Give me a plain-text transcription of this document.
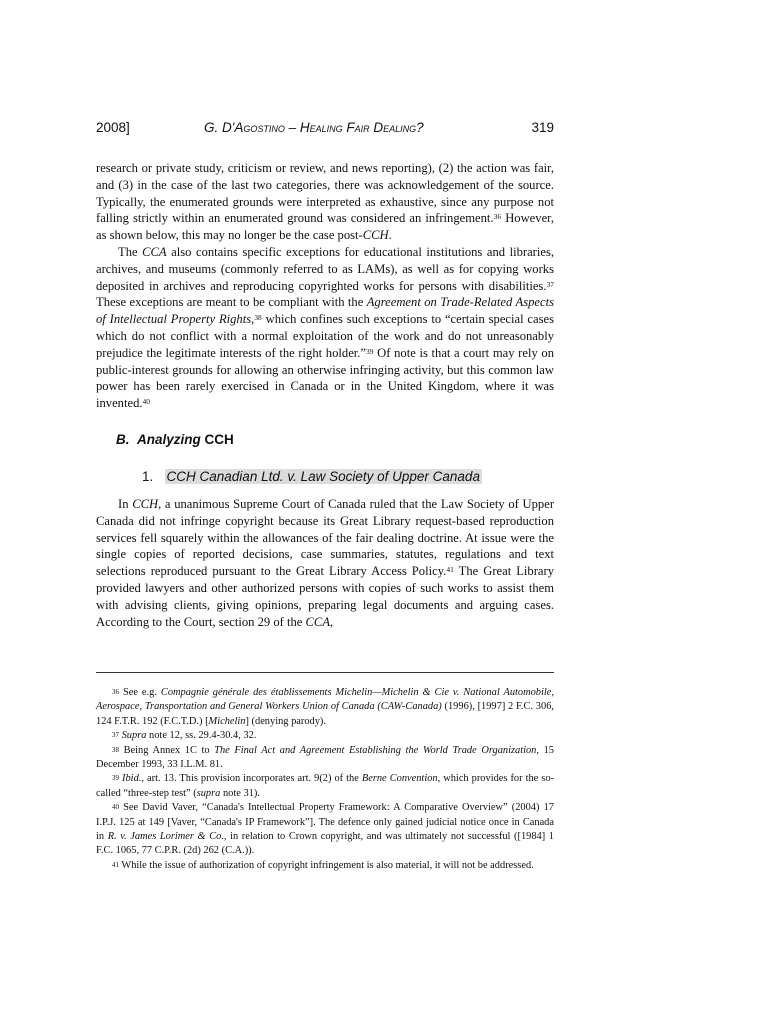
2008]	G. D'Agostino – Healing Fair Dealing?	319

research or private study, criticism or review, and news reporting), (2) the action was fair, and (3) in the case of the last two categories, there was acknowledgement of the source. Typically, the enumerated grounds were interpreted as exhaustive, since any purpose not falling strictly within an enumerated ground was considered an infringement.$^{36}$ However, as shown below, this may no longer be the case post-CCH.

The CCA also contains specific exceptions for educational institutions and libraries, archives, and museums (commonly referred to as LAMs), as well as for copying works deposited in archives and reproducing copyrighted works for persons with disabilities.$^{37}$ These exceptions are meant to be compliant with the Agreement on Trade-Related Aspects of Intellectual Property Rights,$^{38}$ which confines such exceptions to “certain special cases which do not conflict with a normal exploitation of the work and do not unreasonably prejudice the legitimate interests of the right holder.”$^{39}$ Of note is that a court may rely on public-interest grounds for allowing an otherwise infringing activity, but this common law power has been rarely exercised in Canada or in the United Kingdom, where it was invented.$^{40}$

B. Analyzing CCH
1. CCH Canadian Ltd. v. Law Society of Upper Canada

In CCH, a unanimous Supreme Court of Canada ruled that the Law Society of Upper Canada did not infringe copyright because its Great Library request-based reproduction services fell squarely within the allowances of the fair dealing doctrine. At issue were the single copies of reported decisions, case summaries, statutes, regulations and text selections reproduced pursuant to the Great Library Access Policy.$^{41}$ The Great Library provided lawyers and other authorized persons with copies of such works to assist them with advising clients, giving opinions, preparing legal documents and arguing cases. According to the Court, section 29 of the CCA,

$^{36}$ See e.g. Compagnie générale des établissements Michelin—Michelin & Cie v. National Automobile, Aerospace, Transportation and General Workers Union of Canada (CAW-Canada) (1996), [1997] 2 F.C. 306, 124 F.T.R. 192 (F.C.T.D.) [Michelin] (denying parody).

$^{37}$ Supra note 12, ss. 29.4-30.4, 32.

$^{38}$ Being Annex 1C to The Final Act and Agreement Establishing the World Trade Organization, 15 December 1993, 33 I.L.M. 81.

$^{39}$ Ibid., art. 13. This provision incorporates art. 9(2) of the Berne Convention, which provides for the so-called “three-step test” (supra note 31).

$^{40}$ See David Vaver, “Canada's Intellectual Property Framework: A Comparative Overview” (2004) 17 I.P.J. 125 at 149 [Vaver, “Canada's IP Framework”]. The defence only gained judicial notice once in Canada in R. v. James Lorimer & Co., in relation to Crown copyright, and was ultimately not successful ([1984] 1 F.C. 1065, 77 C.P.R. (2d) 262 (C.A.)).

$^{41}$ While the issue of authorization of copyright infringement is also material, it will not be addressed.
